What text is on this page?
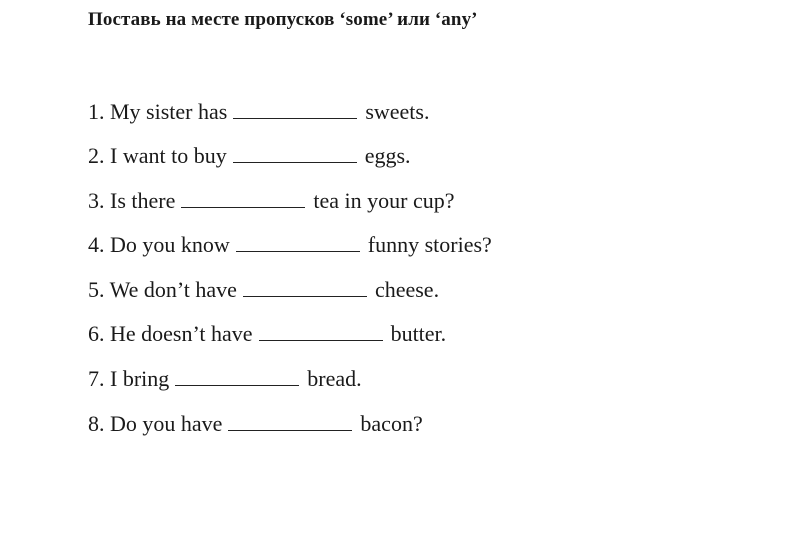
Поставь на месте пропусков ‘some’ или ‘any’
1. My sister has	sweets.
2. I want to buy	eggs.
3. Is there	tea in your cup?
4. Do you know	funny stories?
5. We don’t have	cheese.
6. He doesn’t have	butter.
7. I bring	bread.
8. Do you have	bacon?
